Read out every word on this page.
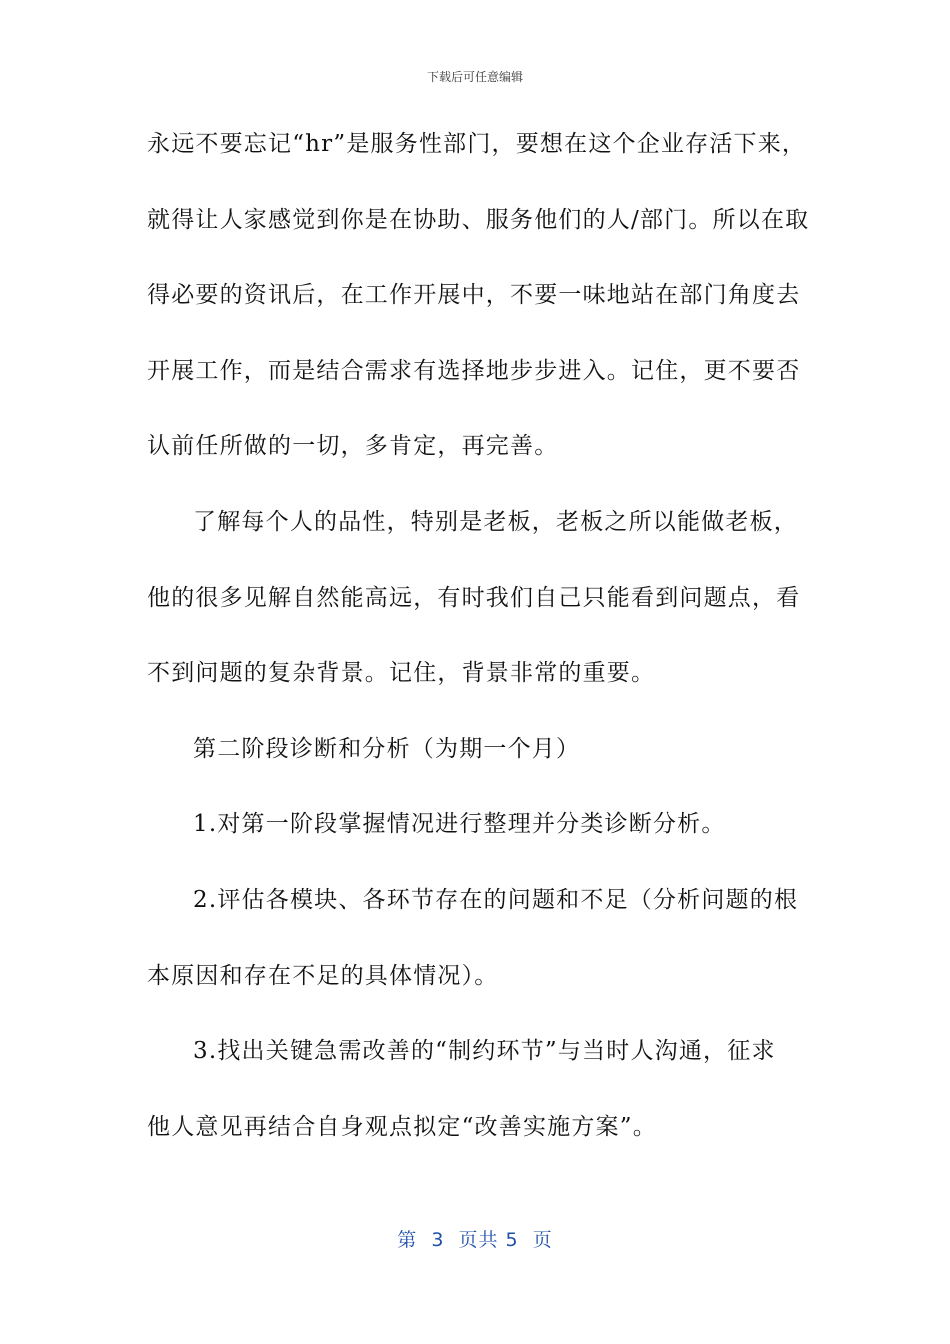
下载后可任意编辑
永远不要忘记“hr”是服务性部门，要想在这个企业存活下来，
就得让人家感觉到你是在协助、服务他们的人/部门。所以在取
得必要的资讯后，在工作开展中，不要一味地站在部门角度去
开展工作，而是结合需求有选择地步步进入。记住，更不要否
认前任所做的一切，多肯定，再完善。
了解每个人的品性，特别是老板，老板之所以能做老板，
他的很多见解自然能高远，有时我们自己只能看到问题点，看
不到问题的复杂背景。记住，背景非常的重要。
第二阶段诊断和分析（为期一个月）
1.对第一阶段掌握情况进行整理并分类诊断分析。
2.评估各模块、各环节存在的问题和不足（分析问题的根
本原因和存在不足的具体情况）。
3.找出关键急需改善的“制约环节”与当时人沟通，征求
他人意见再结合自身观点拟定“改善实施方案”。
第  3  页共 5  页
